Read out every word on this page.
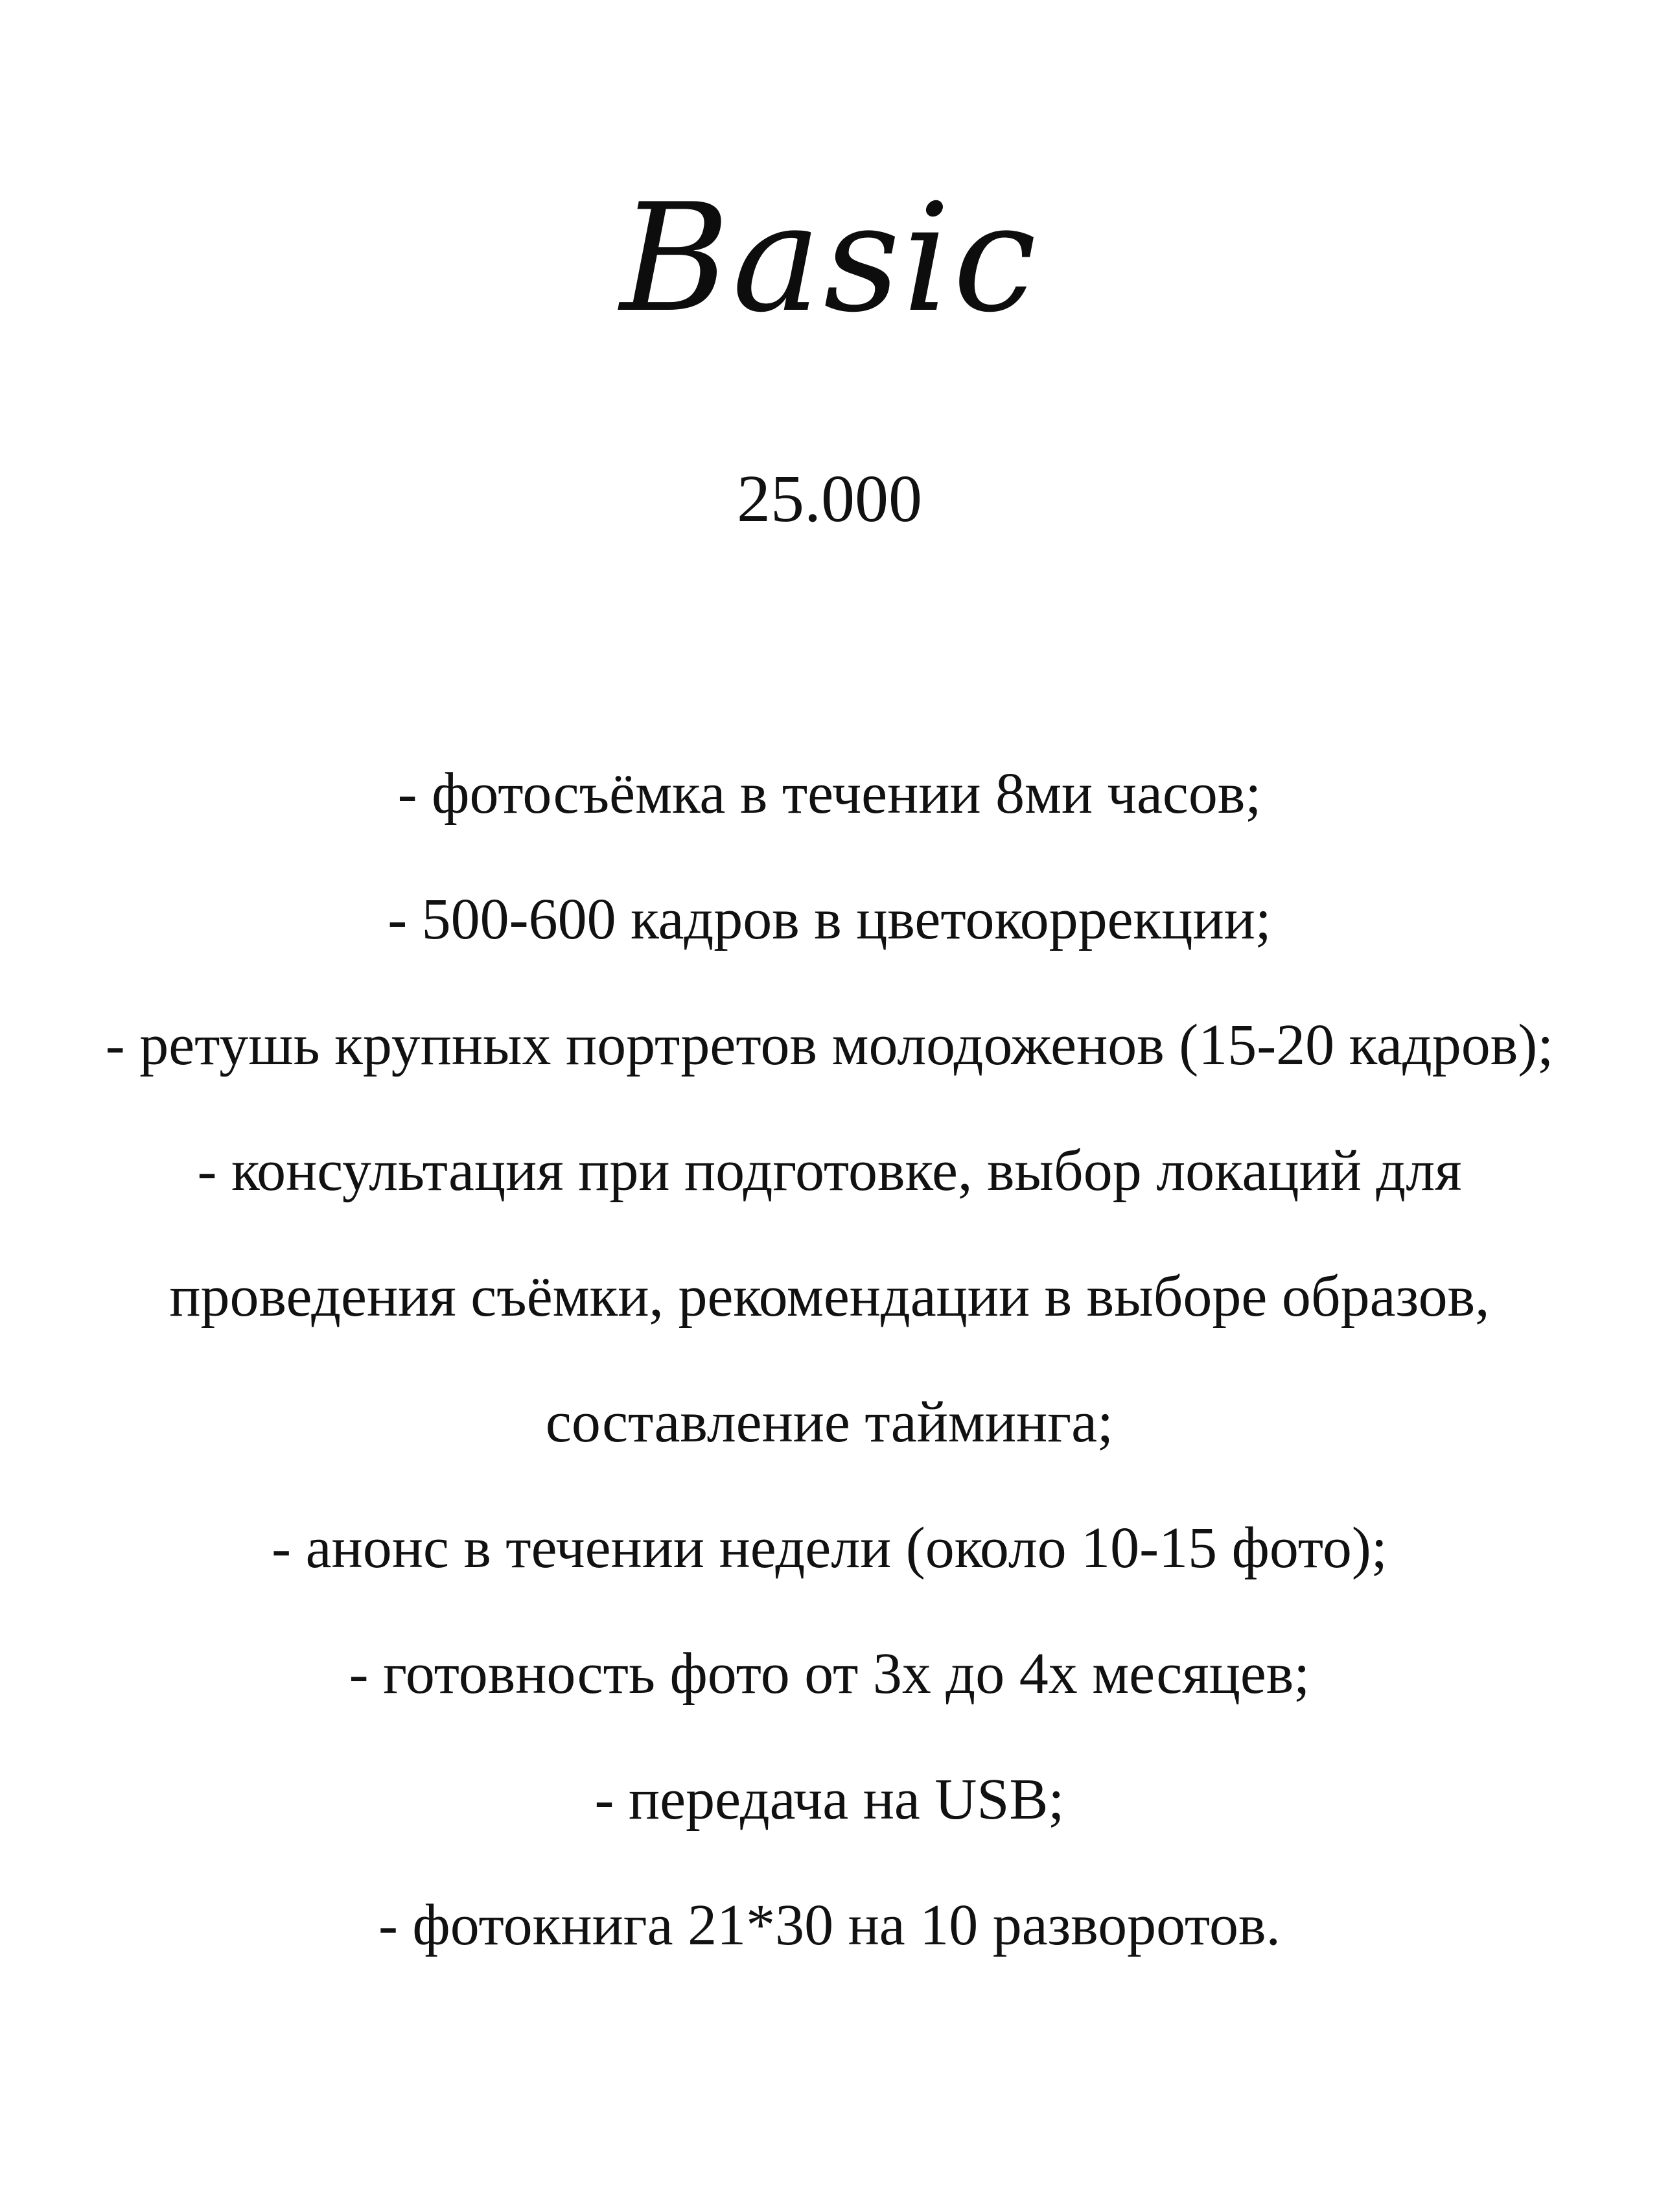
Basic
25.000
- фотосъёмка в течении 8ми часов;
- 500-600 кадров в цветокоррекции;
- ретушь крупных портретов молодоженов (15-20 кадров);
- консультация при подготовке, выбор локаций для
проведения съёмки, рекомендации в выборе образов,
составление тайминга;
- анонс в течении недели (около 10-15 фото);
- готовность фото от 3х до 4х месяцев;
- передача на USB;
- фотокнига 21*30 на 10 разворотов.
